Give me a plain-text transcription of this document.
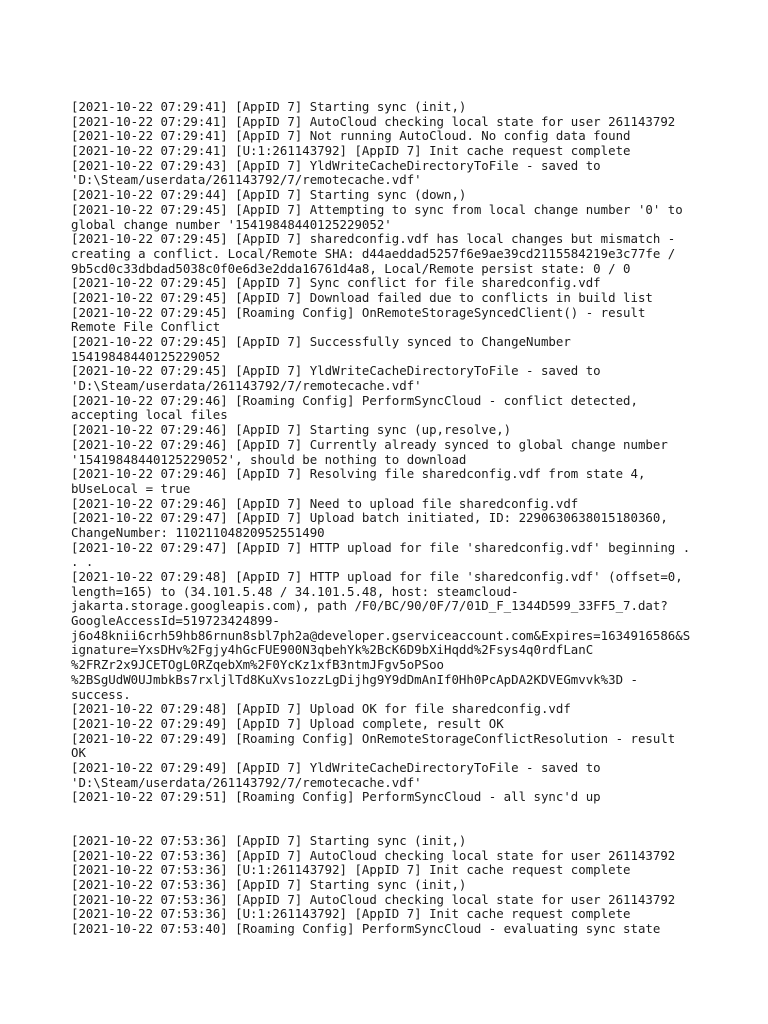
[2021-10-22 07:29:41] [AppID 7] Starting sync (init,)
[2021-10-22 07:29:41] [AppID 7] AutoCloud checking local state for user 261143792
[2021-10-22 07:29:41] [AppID 7] Not running AutoCloud. No config data found
[2021-10-22 07:29:41] [U:1:261143792] [AppID 7] Init cache request complete
[2021-10-22 07:29:43] [AppID 7] YldWriteCacheDirectoryToFile - saved to
'D:\Steam/userdata/261143792/7/remotecache.vdf'
[2021-10-22 07:29:44] [AppID 7] Starting sync (down,)
[2021-10-22 07:29:45] [AppID 7] Attempting to sync from local change number '0' to
global change number '15419848440125229052'
[2021-10-22 07:29:45] [AppID 7] sharedconfig.vdf has local changes but mismatch -
creating a conflict. Local/Remote SHA: d44aeddad5257f6e9ae39cd2115584219e3c77fe /
9b5cd0c33dbdad5038c0f0e6d3e2dda16761d4a8, Local/Remote persist state: 0 / 0
[2021-10-22 07:29:45] [AppID 7] Sync conflict for file sharedconfig.vdf
[2021-10-22 07:29:45] [AppID 7] Download failed due to conflicts in build list
[2021-10-22 07:29:45] [Roaming Config] OnRemoteStorageSyncedClient() - result
Remote File Conflict
[2021-10-22 07:29:45] [AppID 7] Successfully synced to ChangeNumber
15419848440125229052
[2021-10-22 07:29:45] [AppID 7] YldWriteCacheDirectoryToFile - saved to
'D:\Steam/userdata/261143792/7/remotecache.vdf'
[2021-10-22 07:29:46] [Roaming Config] PerformSyncCloud - conflict detected,
accepting local files
[2021-10-22 07:29:46] [AppID 7] Starting sync (up,resolve,)
[2021-10-22 07:29:46] [AppID 7] Currently already synced to global change number
'15419848440125229052', should be nothing to download
[2021-10-22 07:29:46] [AppID 7] Resolving file sharedconfig.vdf from state 4,
bUseLocal = true
[2021-10-22 07:29:46] [AppID 7] Need to upload file sharedconfig.vdf
[2021-10-22 07:29:47] [AppID 7] Upload batch initiated, ID: 2290630638015180360,
ChangeNumber: 11021104820952551490
[2021-10-22 07:29:47] [AppID 7] HTTP upload for file 'sharedconfig.vdf' beginning .
. .
[2021-10-22 07:29:48] [AppID 7] HTTP upload for file 'sharedconfig.vdf' (offset=0,
length=165) to (34.101.5.48 / 34.101.5.48, host: steamcloud-
jakarta.storage.googleapis.com), path /F0/BC/90/0F/7/01D_F_1344D599_33FF5_7.dat?
GoogleAccessId=519723424899-
j6o48knii6crh59hb86rnun8sbl7ph2a@developer.gserviceaccount.com&Expires=1634916586&S
ignature=YxsDHv%2Fgjy4hGcFUE900N3qbehYk%2BcK6D9bXiHqdd%2Fsys4q0rdfLanC
%2FRZr2x9JCETOgL0RZqebXm%2F0YcKz1xfB3ntmJFgv5oPSoo
%2BSgUdW0UJmbkBs7rxljlTd8KuXvs1ozzLgDijhg9Y9dDmAnIf0Hh0PcApDA2KDVEGmvvk%3D -
success.
[2021-10-22 07:29:48] [AppID 7] Upload OK for file sharedconfig.vdf
[2021-10-22 07:29:49] [AppID 7] Upload complete, result OK
[2021-10-22 07:29:49] [Roaming Config] OnRemoteStorageConflictResolution - result
OK
[2021-10-22 07:29:49] [AppID 7] YldWriteCacheDirectoryToFile - saved to
'D:\Steam/userdata/261143792/7/remotecache.vdf'
[2021-10-22 07:29:51] [Roaming Config] PerformSyncCloud - all sync'd up
[2021-10-22 07:53:36] [AppID 7] Starting sync (init,)
[2021-10-22 07:53:36] [AppID 7] AutoCloud checking local state for user 261143792
[2021-10-22 07:53:36] [U:1:261143792] [AppID 7] Init cache request complete
[2021-10-22 07:53:36] [AppID 7] Starting sync (init,)
[2021-10-22 07:53:36] [AppID 7] AutoCloud checking local state for user 261143792
[2021-10-22 07:53:36] [U:1:261143792] [AppID 7] Init cache request complete
[2021-10-22 07:53:40] [Roaming Config] PerformSyncCloud - evaluating sync state
